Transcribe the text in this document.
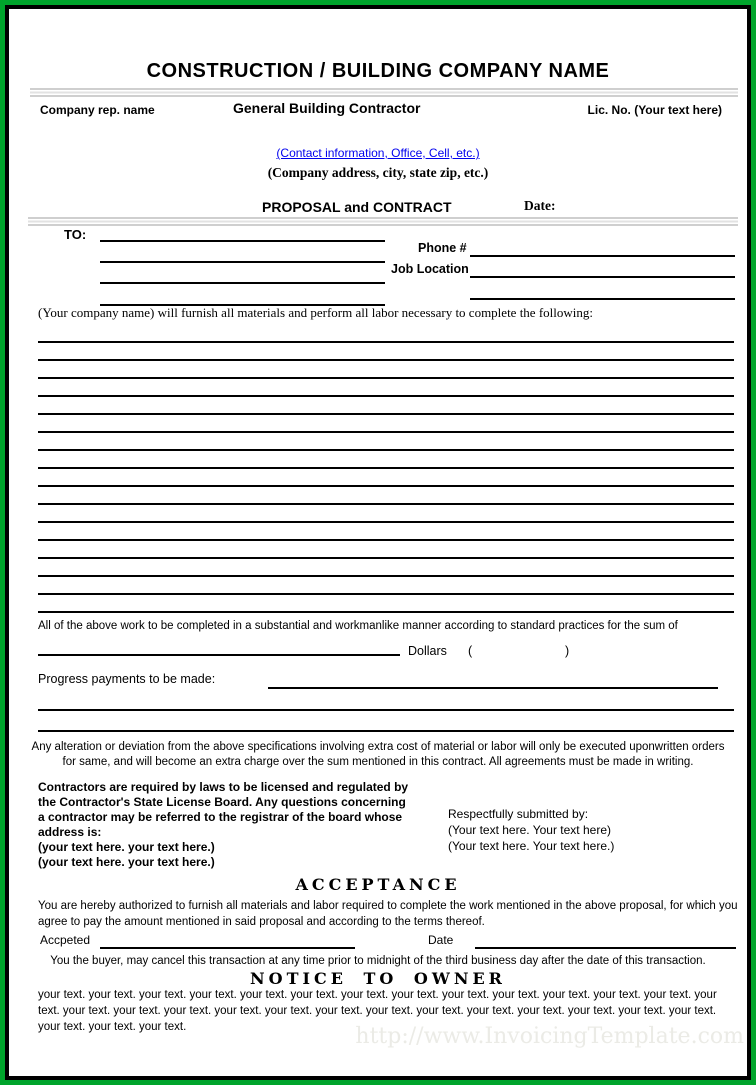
CONSTRUCTION / BUILDING COMPANY NAME
Company rep. name	General Building Contractor	Lic. No. (Your text here)
(Contact information, Office, Cell, etc.)
(Company address, city, state zip, etc.)
PROPOSAL and CONTRACT	Date:
TO:
Phone #
Job Location
(Your company name) will furnish all materials and perform all labor necessary to complete the following:
All of the above work to be completed in a substantial and workmanlike manner according to standard practices for the sum of
Dollars (	)
Progress payments to be made:
Any alteration or deviation from the above specifications involving extra cost of material or labor will only be executed uponwritten orders
for same, and will become an extra charge over the sum mentioned in this contract. All agreements must be made in writing.
Contractors are required by laws to be licensed and regulated by
the Contractor's State License Board. Any questions concerning
a contractor may be referred to the registrar of the board whose
address is:
(your text here. your text here.)
(your text here. your text here.)
Respectfully submitted by:
(Your text here. Your text here)
(Your text here. Your text here.)
ACCEPTANCE
You are hereby authorized to furnish all materials and labor required to complete the work mentioned in the above proposal, for which you
agree to pay the amount mentioned in said proposal and according to the terms thereof.
Accpeted	Date
You the buyer, may cancel this transaction at any time prior to midnight of the third business day after the date of this transaction.
NOTICE TO OWNER
your text. your text. your text. your text. your text. your text. your text. your text. your text. your text. your text. your text. your text. your text. your text. your text. your text. your text. your text. your text. your text. your text. your text. your text. your text. your text. your text. your text. your text. your text.	http://www.InvoicingTemplate.com
